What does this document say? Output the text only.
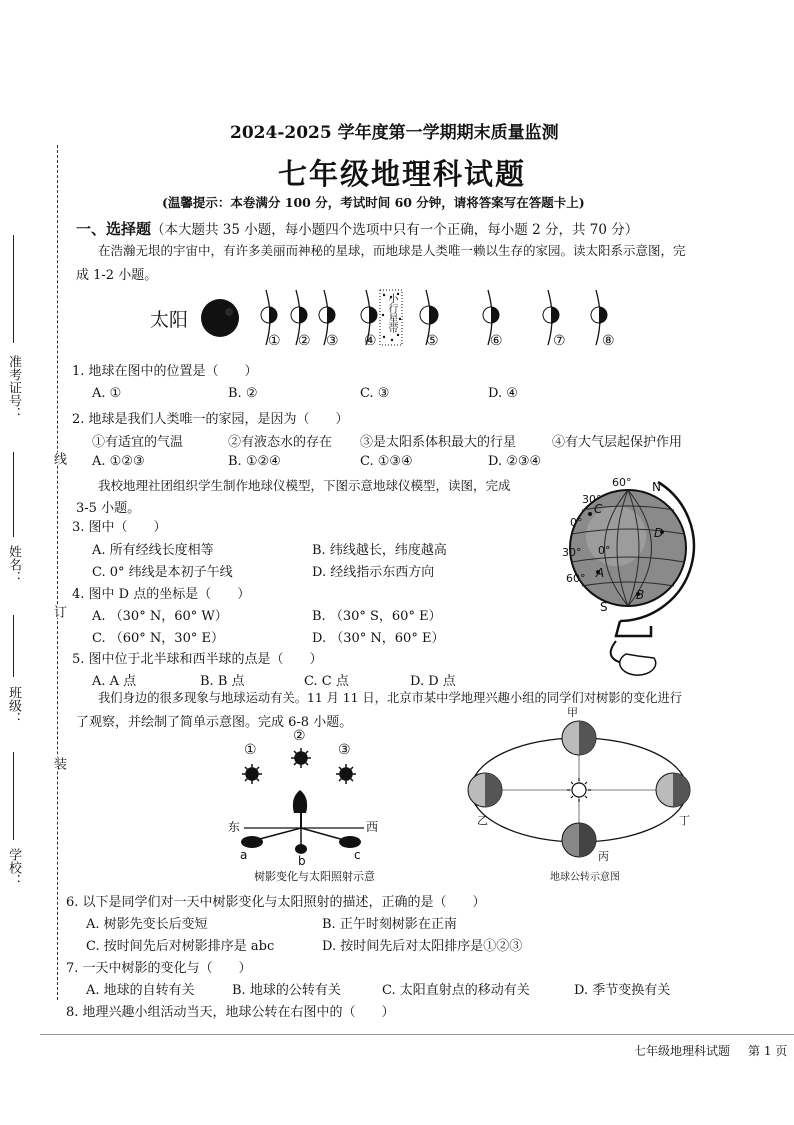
线
订
装
准考证号：
姓名：
班级：
学校：
2024-2025 学年度第一学期期末质量监测
七年级地理科试题
(温馨提示：本卷满分 100 分，考试时间 60 分钟，请将答案写在答题卡上)
一、选择题（本大题共 35 小题，每小题四个选项中只有一个正确，每小题 2 分，共 70 分）
在浩瀚无垠的宇宙中，有许多美丽而神秘的星球，而地球是人类唯一赖以生存的家园。读太阳系示意图，完
成 1-2 小题。
太阳	小行星带
① ② ③ ④	⑤	⑥	⑦	⑧
1. 地球在图中的位置是（　　）
A. ①	B. ②	C. ③	D. ④
2. 地球是我们人类唯一的家园，是因为（　　）
①有适宜的气温	②有液态水的存在 ③是太阳系体积最大的行星	④有大气层起保护作用
A. ①②③	B. ①②④	C. ①③④	D. ②③④
我校地理社团组织学生制作地球仪模型，下图示意地球仪模型，读图，完成
3-5 小题。
60°
30°
0°
30°
60°
N
S
0°
C
D
A
B
3. 图中（　　）
A. 所有经线长度相等	B. 纬线越长，纬度越高
C. 0° 纬线是本初子午线	D. 经线指示东西方向
4. 图中 D 点的坐标是（　　）
A. （30° N，60° W）	B. （30° S，60° E）
C. （60° N，30° E）	D. （30° N，60° E）
5. 图中位于北半球和西半球的点是（　　）
A. A 点	B. B 点	C. C 点	D. D 点
我们身边的很多现象与地球运动有关。11 月 11 日，北京市某中学地理兴趣小组的同学们对树影的变化进行
了观察，并绘制了简单示意图。完成 6-8 小题。
①
②
③
东	西
a	b	c
树影变化与太阳照射示意
甲
乙
丙
丁
地球公转示意图
6. 以下是同学们对一天中树影变化与太阳照射的描述，正确的是（　　）
A. 树影先变长后变短	B. 正午时刻树影在正南
C. 按时间先后对树影排序是 abc	D. 按时间先后对太阳排序是①②③
7. 一天中树影的变化与（　　）
A. 地球的自转有关	B. 地球的公转有关	C. 太阳直射点的移动有关	D. 季节变换有关
8. 地理兴趣小组活动当天，地球公转在右图中的（　　）
七年级地理科试题 第 1 页
